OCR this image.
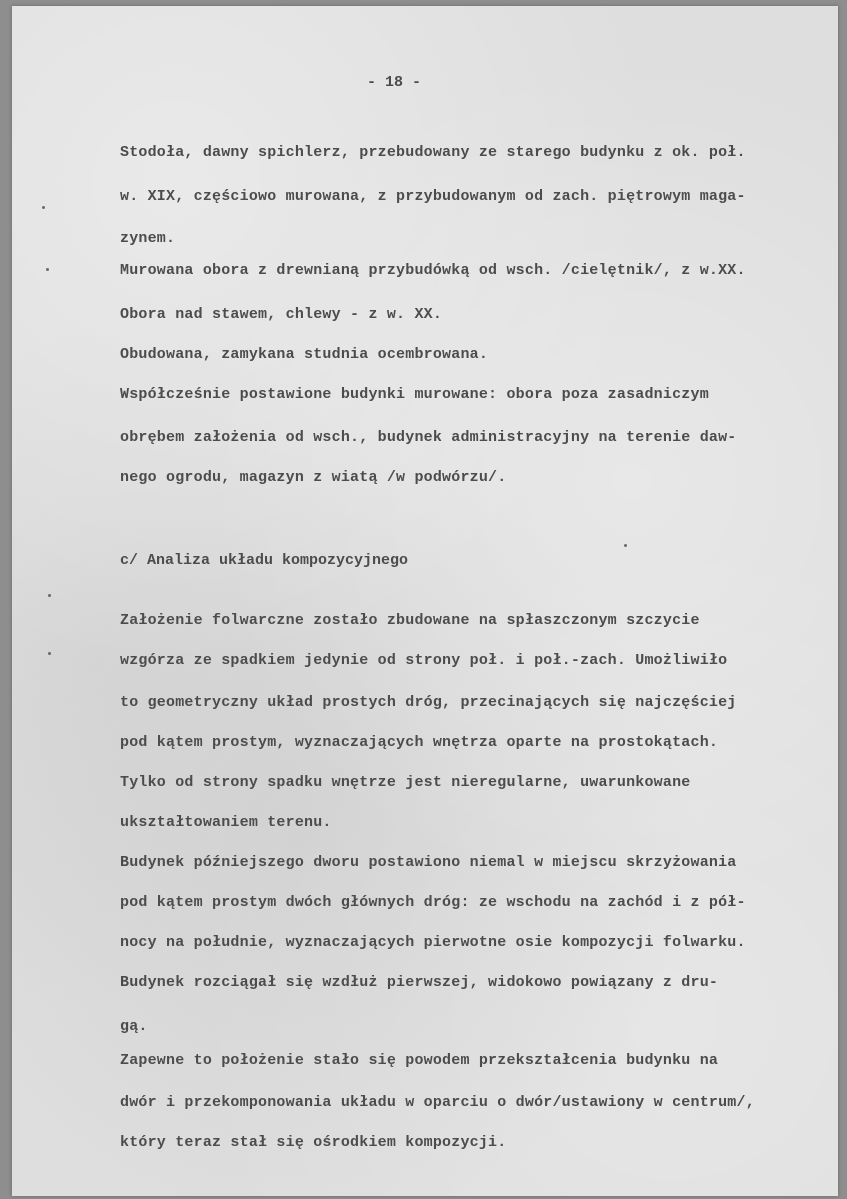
- 18 -
Stodoła, dawny spichlerz, przebudowany ze starego budynku z ok. poł.
w. XIX, częściowo murowana, z przybudowanym od zach. piętrowym maga-
zynem.
Murowana obora z drewnianą przybudówką od wsch. /cielętnik/, z w.XX.
Obora nad stawem, chlewy - z w. XX.
Obudowana, zamykana studnia ocembrowana.
Współcześnie postawione budynki murowane: obora poza zasadniczym
obrębem założenia od wsch., budynek administracyjny na terenie daw-
nego ogrodu, magazyn z wiatą /w podwórzu/.
c/ Analiza układu kompozycyjnego
Założenie folwarczne zostało zbudowane na spłaszczonym szczycie
wzgórza ze spadkiem jedynie od strony poł. i poł.-zach. Umożliwiło
to geometryczny układ prostych dróg, przecinających się najczęściej
pod kątem prostym, wyznaczających wnętrza oparte na prostokątach.
Tylko od strony spadku wnętrze jest nieregularne, uwarunkowane
ukształtowaniem terenu.
Budynek późniejszego dworu postawiono niemal w miejscu skrzyżowania
pod kątem prostym dwóch głównych dróg: ze wschodu na zachód i z pół-
nocy na południe, wyznaczających pierwotne osie kompozycji folwarku.
Budynek rozciągał się wzdłuż pierwszej, widokowo powiązany z dru-
gą.
Zapewne to położenie stało się powodem przekształcenia budynku na
dwór i przekomponowania układu w oparciu o dwór/ustawiony w centrum/,
który teraz stał się ośrodkiem kompozycji.
